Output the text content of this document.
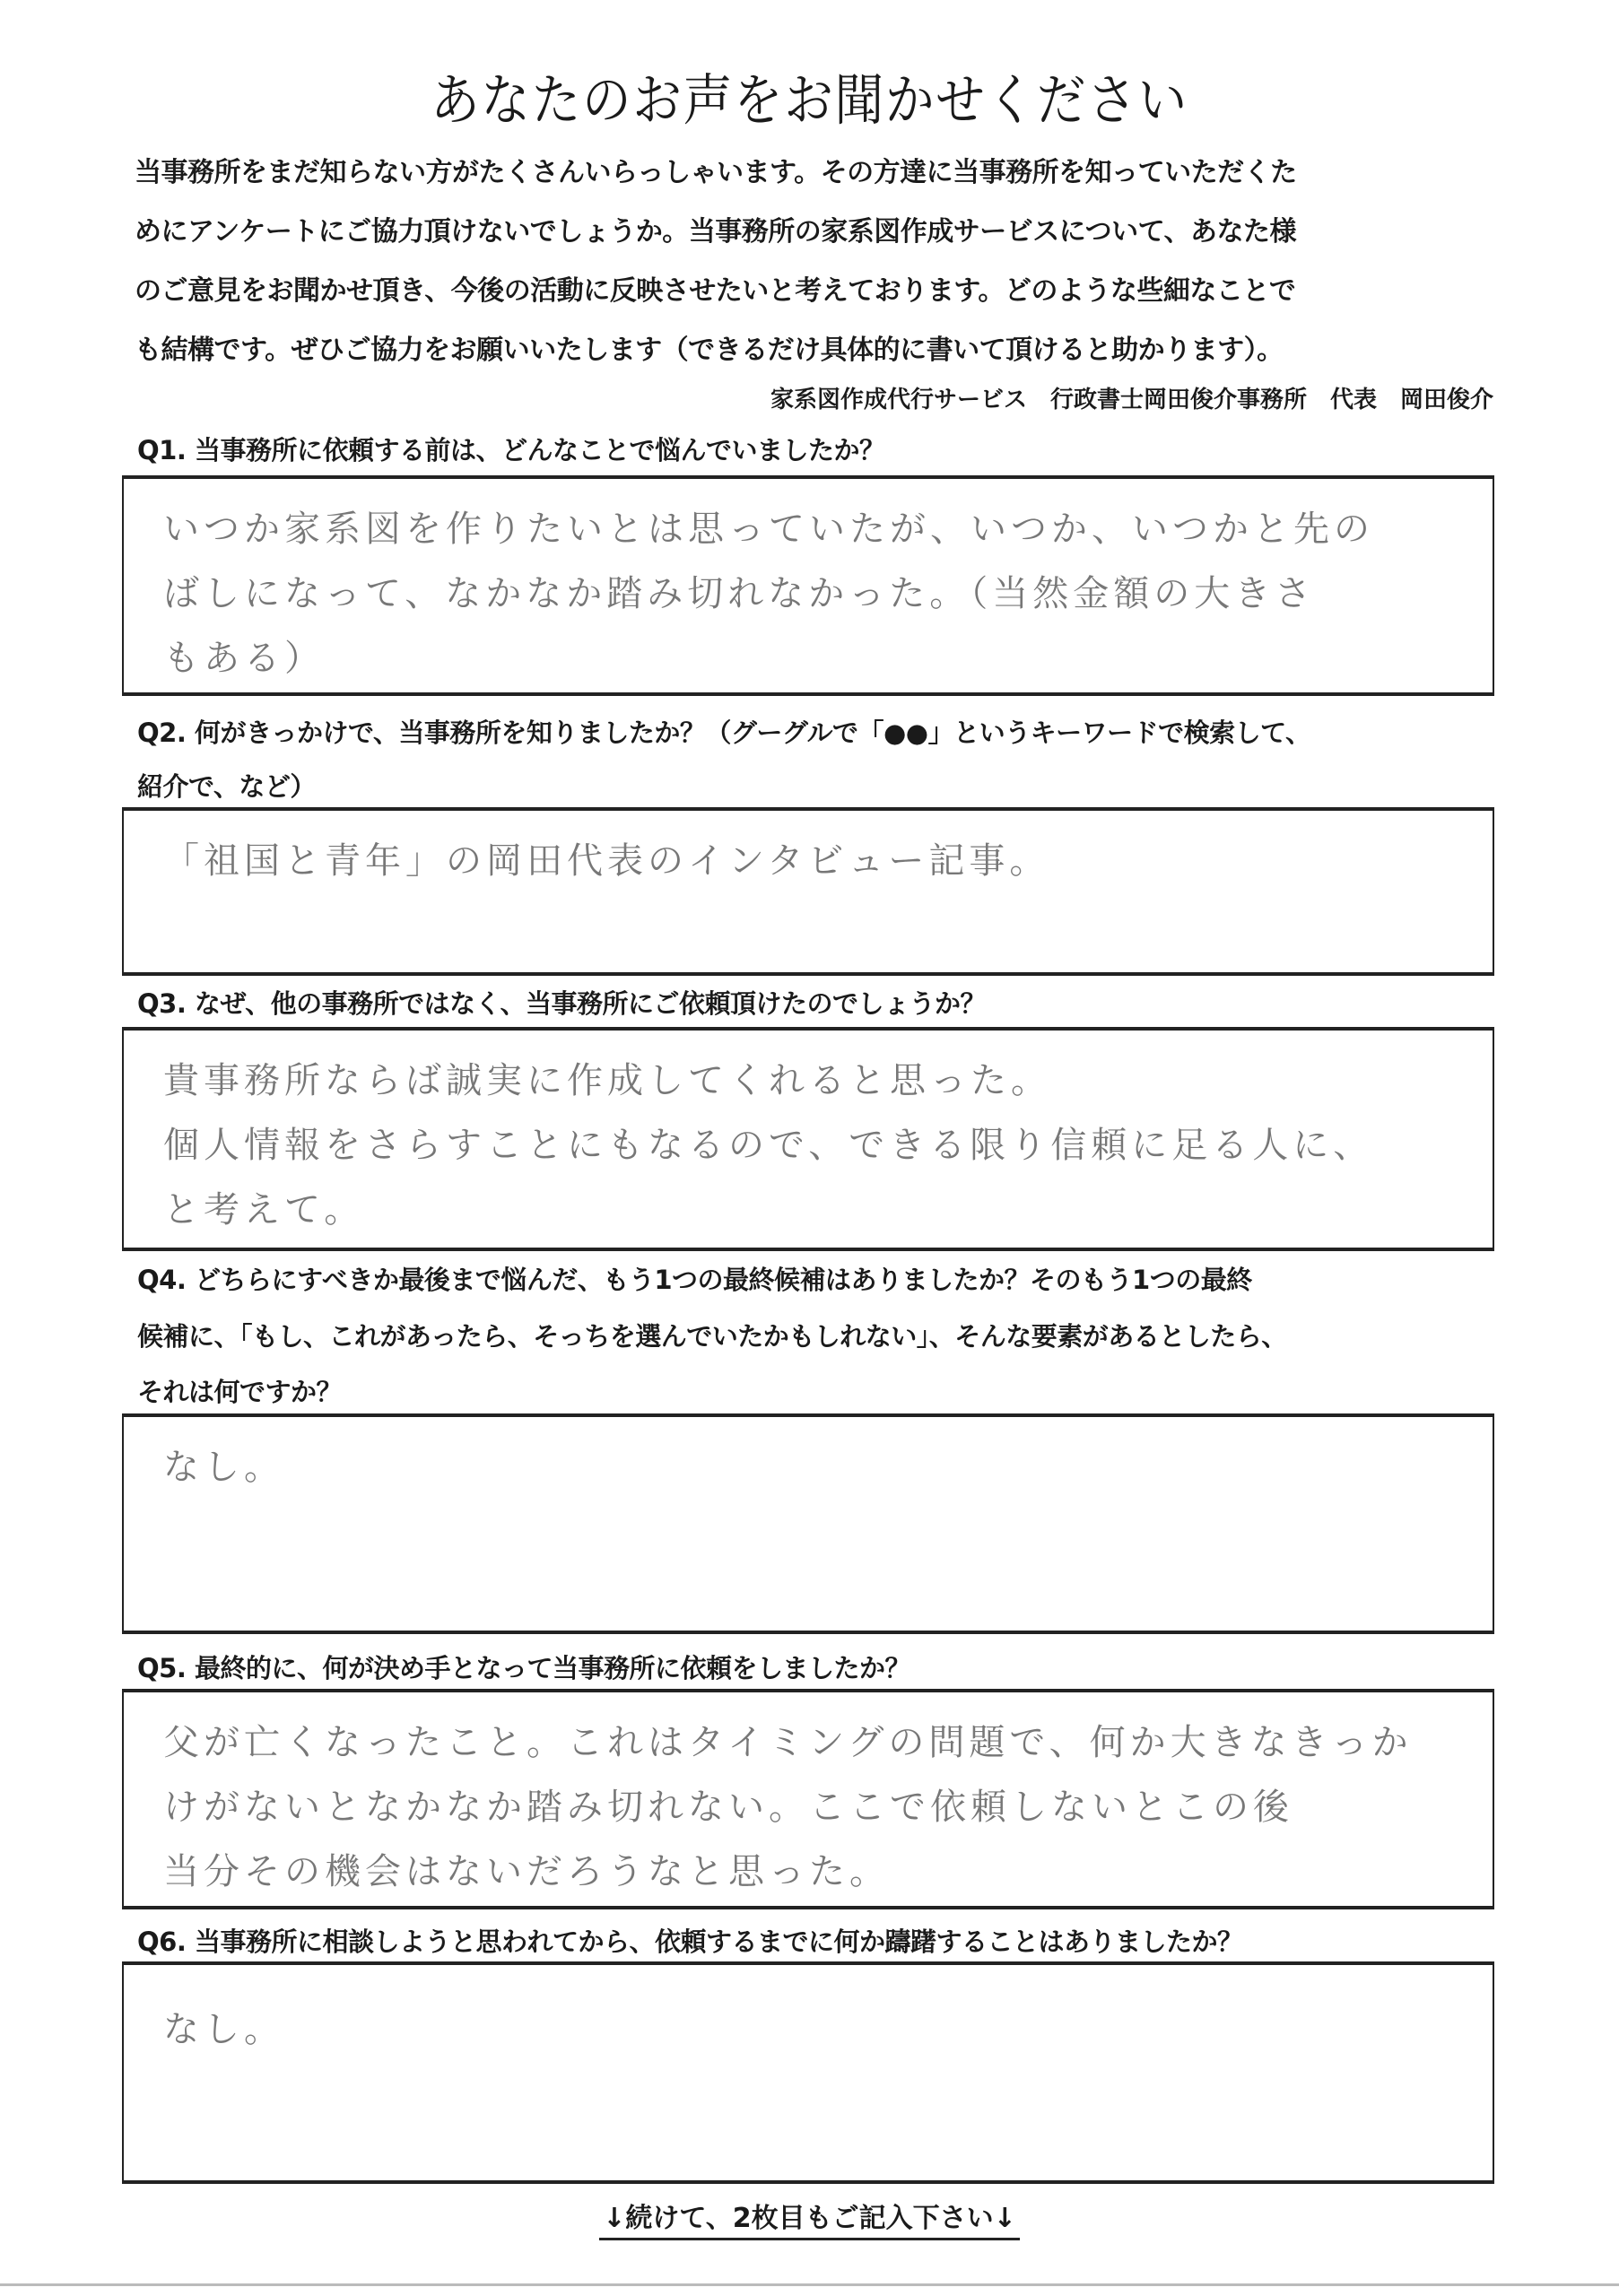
あなたのお声をお聞かせください

当事務所をまだ知らない方がたくさんいらっしゃいます。その方達に当事務所を知っていただくた

めにアンケートにご協力頂けないでしょうか。当事務所の家系図作成サービスについて、あなた様

のご意見をお聞かせ頂き、今後の活動に反映させたいと考えております。どのような些細なことで

も結構です。ぜひご協力をお願いいたします（できるだけ具体的に書いて頂けると助かります）。

家系図作成代行サービス　行政書士岡田俊介事務所　代表　岡田俊介
Q1. 当事務所に依頼する前は、どんなことで悩んでいましたか？

いつか家系図を作りたいとは思っていたが、いつか、いつかと先の

ばしになって、なかなか踏み切れなかった。（当然金額の大きさ

もある）

Q2. 何がきっかけで、当事務所を知りましたか？（グーグルで「●●」というキーワードで検索して、
紹介で、など）

「祖国と青年」の岡田代表のインタビュー記事。

Q3. なぜ、他の事務所ではなく、当事務所にご依頼頂けたのでしょうか？

貴事務所ならば誠実に作成してくれると思った。

個人情報をさらすことにもなるので、できる限り信頼に足る人に、

と考えて。

Q4. どちらにすべきか最後まで悩んだ、もう1つの最終候補はありましたか？そのもう1つの最終
候補に、「もし、これがあったら、そっちを選んでいたかもしれない」、そんな要素があるとしたら、
それは何ですか？

なし。

Q5. 最終的に、何が決め手となって当事務所に依頼をしましたか？

父が亡くなったこと。これはタイミングの問題で、何か大きなきっか

けがないとなかなか踏み切れない。ここで依頼しないとこの後

当分その機会はないだろうなと思った。

Q6. 当事務所に相談しようと思われてから、依頼するまでに何か躊躇することはありましたか？

なし。

↓続けて、2枚目もご記入下さい↓
